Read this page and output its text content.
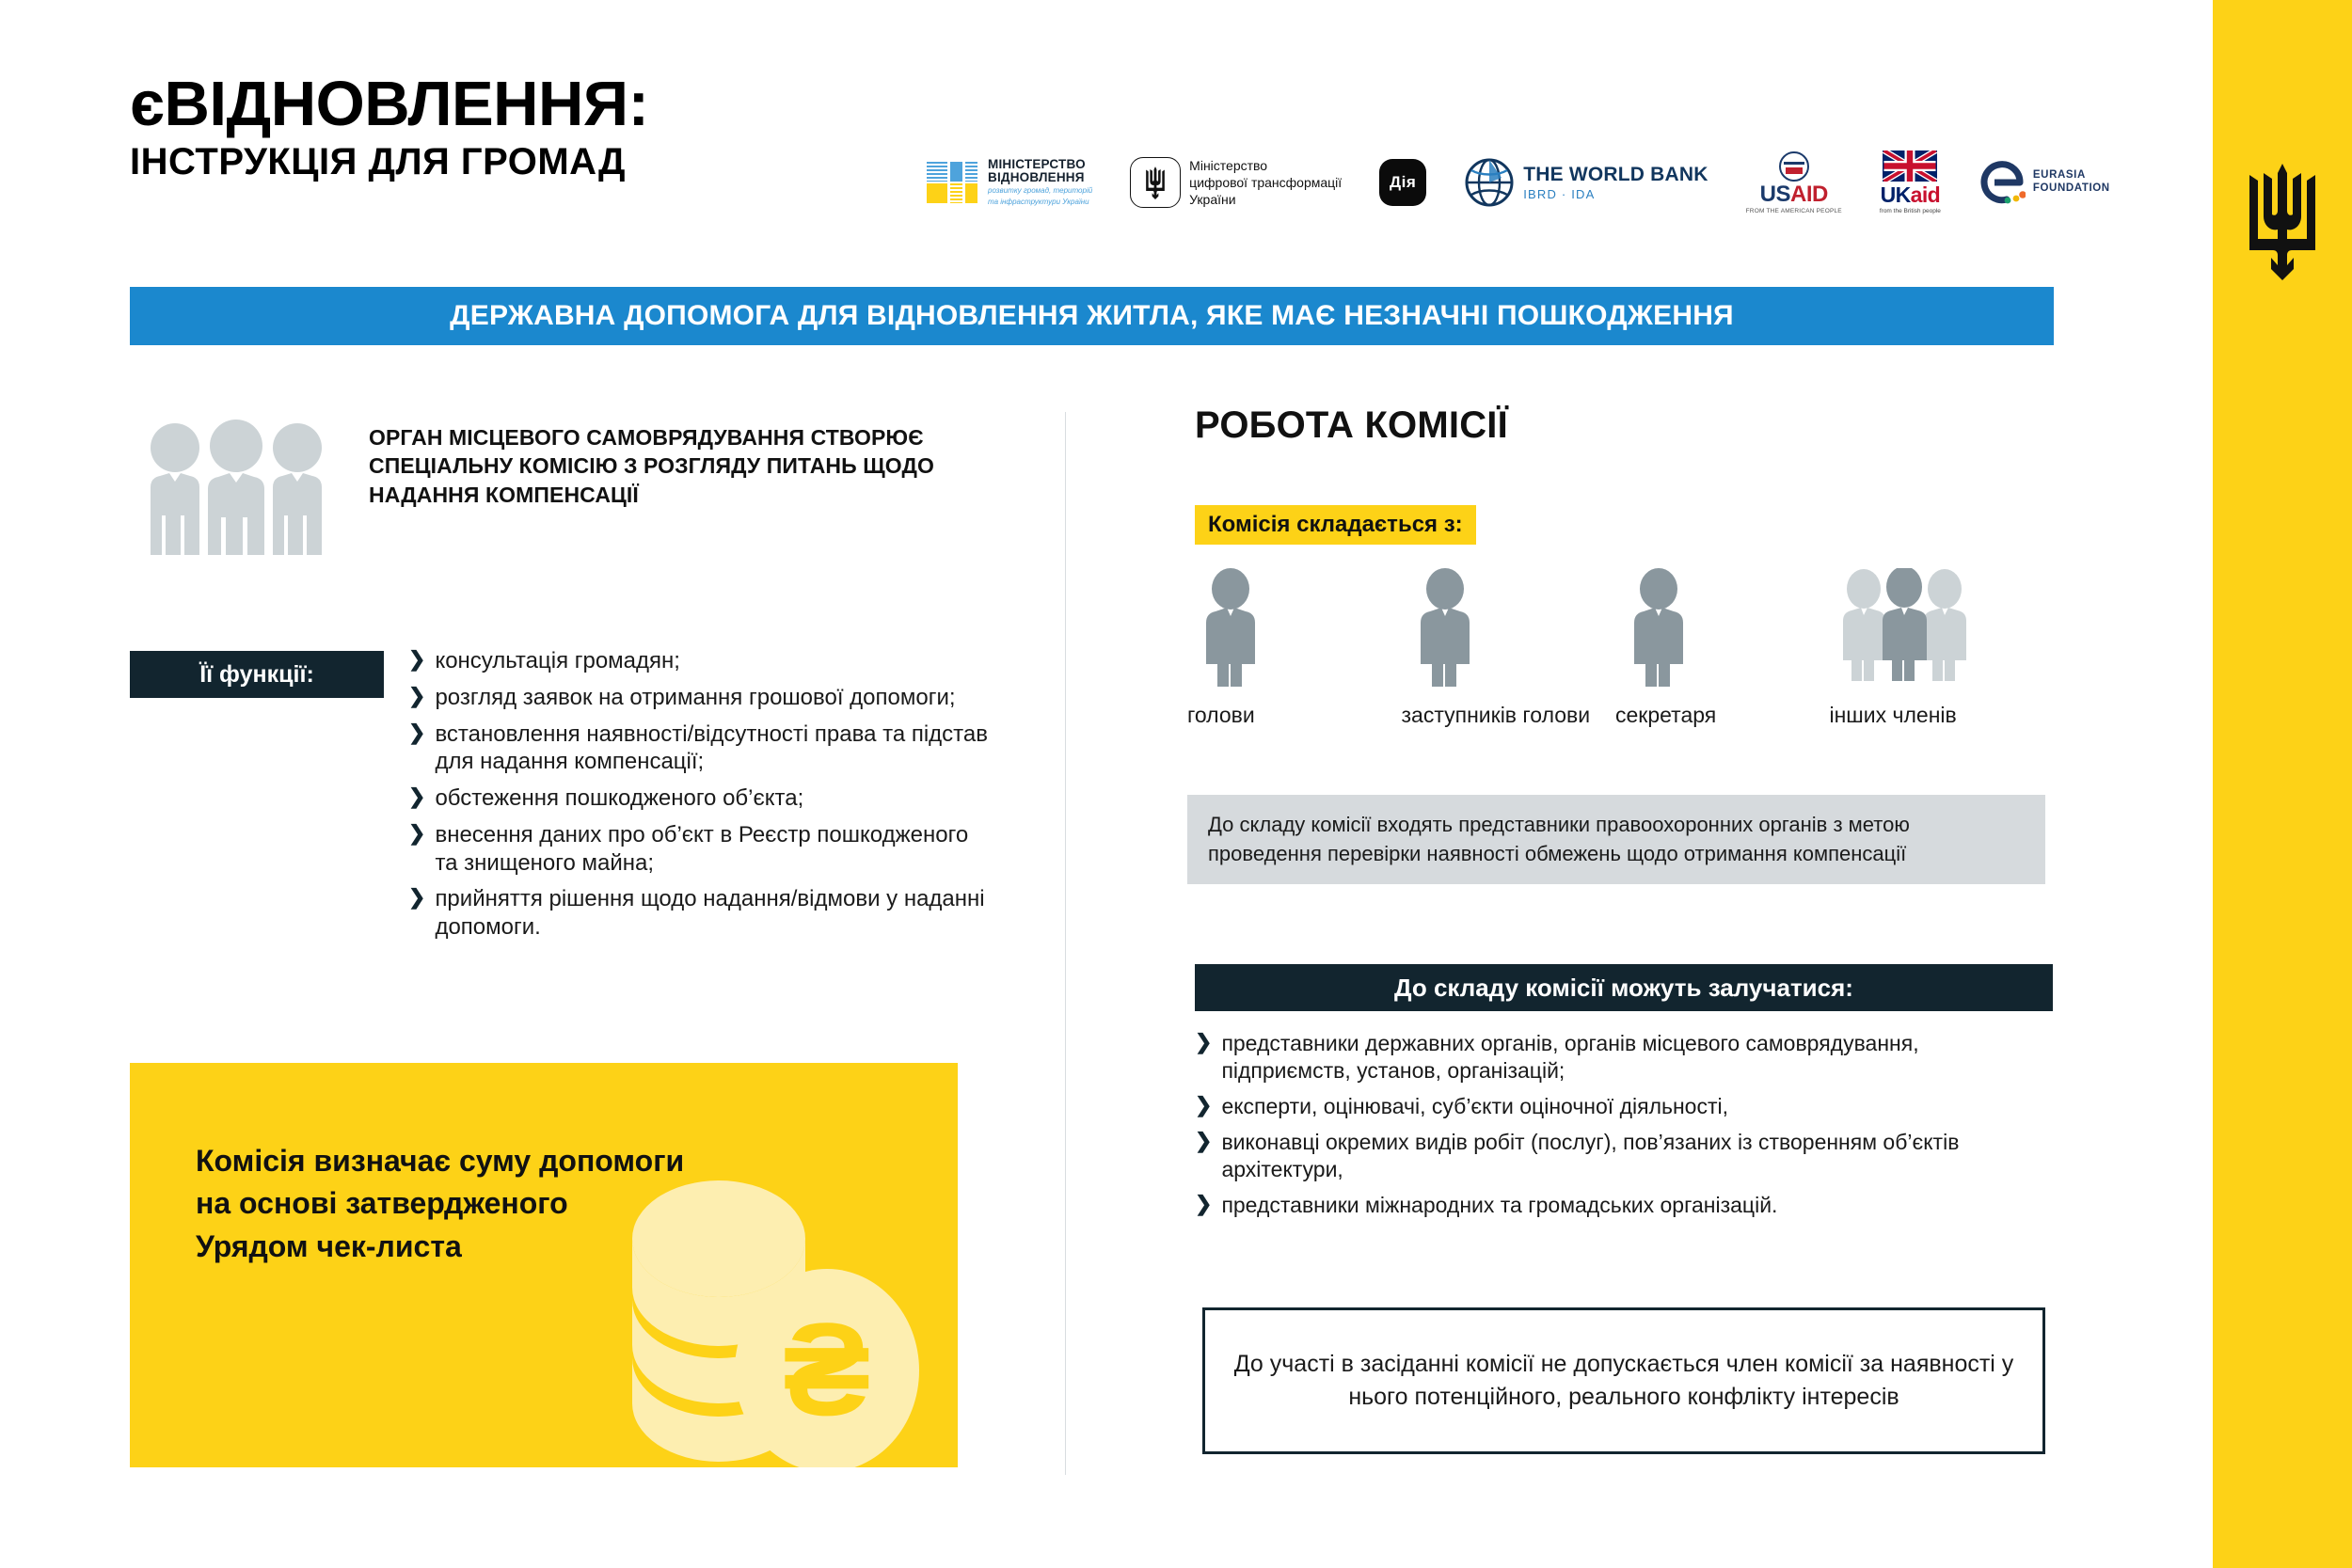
єВІДНОВЛЕННЯ:
ІНСТРУКЦІЯ ДЛЯ ГРОМАД	МІНІСТЕРСТВО
ВІДНОВЛЕННЯ
розвитку громад, територій
та інфраструктури України
Міністерство
цифрової трансформації
України
Дія	THE WORLD BANK
IBRD · IDA	USAID
FROM THE AMERICAN PEOPLE
UKaid
from the British people
EURASIA
FOUNDATION
ДЕРЖАВНА ДОПОМОГА ДЛЯ ВІДНОВЛЕННЯ ЖИТЛА, ЯКЕ МАЄ НЕЗНАЧНІ ПОШКОДЖЕННЯ
ОРГАН МІСЦЕВОГО САМОВРЯДУВАННЯ СТВОРЮЄ СПЕЦІАЛЬНУ КОМІСІЮ З РОЗГЛЯДУ ПИТАНЬ ЩОДО НАДАННЯ КОМПЕНСАЦІЇ
Її функції:
❯ консультація громадян;
❯ розгляд заявок на отримання грошової допомоги;
❯ встановлення наявності/відсутності права та підстав для надання компенсації;
❯ обстеження пошкодженого об’єкта;
❯ внесення даних про об’єкт в Реєстр пошкодженого та знищеного майна;
❯ прийняття рішення щодо надання/відмови у наданні допомоги.
Комісія визначає суму допомоги на основі затвердженого Урядом чек-листа
₴
РОБОТА КОМІСІЇ
Комісія складається з:
голови	заступників голови секретаря	інших членів

До складу комісії входять представники правоохоронних органів з метою проведення перевірки наявності обмежень щодо отримання компенсації

До складу комісії можуть залучатися:
❯ представники державних органів, органів місцевого самоврядування, підприємств, установ, організацій;
❯ експерти, оцінювачі, суб’єкти оціночної діяльності,
❯ виконавці окремих видів робіт (послуг), пов’язаних із створенням об’єктів архітектури,
❯ представники міжнародних та громадських організацій.

До участі в засіданні комісії не допускається член комісії за наявності у нього потенційного, реального конфлікту інтересів
